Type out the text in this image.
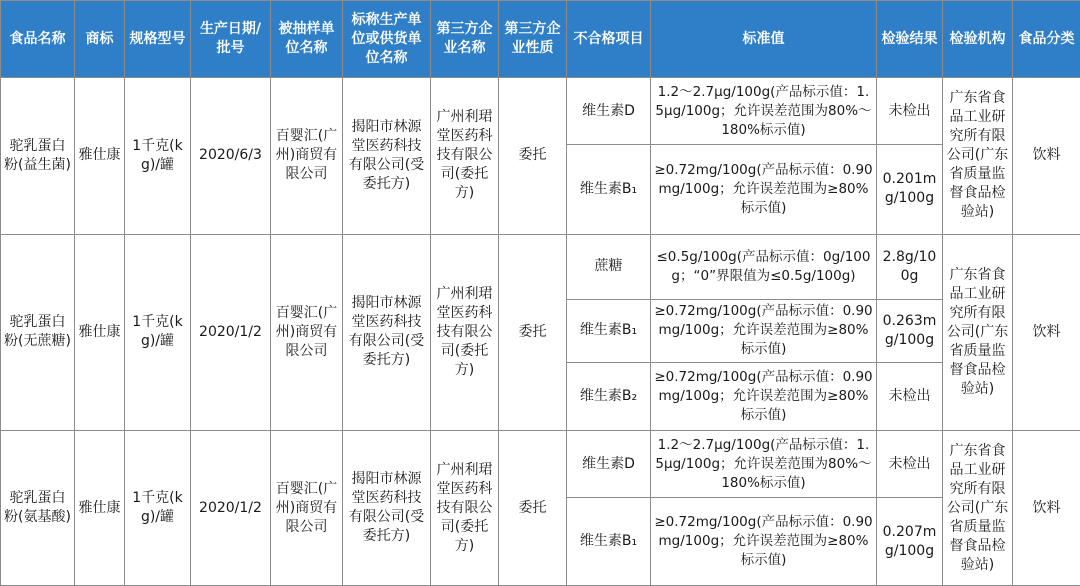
食品名称	商标	规格型号	生产日期/批号	被抽样单位名称	标称生产单位或供货单位名称	第三方企业名称	第三方企业性质	不合格项目	标准值	检验结果	检验机构	食品分类
驼乳蛋白粉(益生菌)	雅仕康	1千克(kg)/罐	2020/6/3	百婴汇(广州)商贸有限公司	揭阳市林源堂医药科技有限公司(受委托方)	广州利珺堂医药科技有限公司(委托方)	委托	维生素D	1.2～2.7μg/100g(产品标示值：1.5μg/100g；允许误差范围为80%～180%标示值)	未检出	广东省食品工业研究所有限公司(广东省质量监督食品检验站)	饮料
								维生素B₁	≥0.72mg/100g(产品标示值：0.90mg/100g；允许误差范围为≥80%标示值)	0.201mg/100g		
驼乳蛋白粉(无蔗糖)	雅仕康	1千克(kg)/罐	2020/1/2	百婴汇(广州)商贸有限公司	揭阳市林源堂医药科技有限公司(受委托方)	广州利珺堂医药科技有限公司(委托方)	委托	蔗糖	≤0.5g/100g(产品标示值：0g/100g；“0”界限值为≤0.5g/100g)	2.8g/100g	广东省食品工业研究所有限公司(广东省质量监督食品检验站)	饮料
								维生素B₁	≥0.72mg/100g(产品标示值：0.90mg/100g；允许误差范围为≥80%标示值)	0.263mg/100g		
								维生素B₂	≥0.72mg/100g(产品标示值：0.90mg/100g；允许误差范围为≥80%标示值)	未检出		
驼乳蛋白粉(氨基酸)	雅仕康	1千克(kg)/罐	2020/1/2	百婴汇(广州)商贸有限公司	揭阳市林源堂医药科技有限公司(受委托方)	广州利珺堂医药科技有限公司(委托方)	委托	维生素D	1.2～2.7μg/100g(产品标示值：1.5μg/100g；允许误差范围为80%～180%标示值)	未检出	广东省食品工业研究所有限公司(广东省质量监督食品检验站)	饮料
								维生素B₁	≥0.72mg/100g(产品标示值：0.90mg/100g；允许误差范围为≥80%标示值)	0.207mg/100g		
